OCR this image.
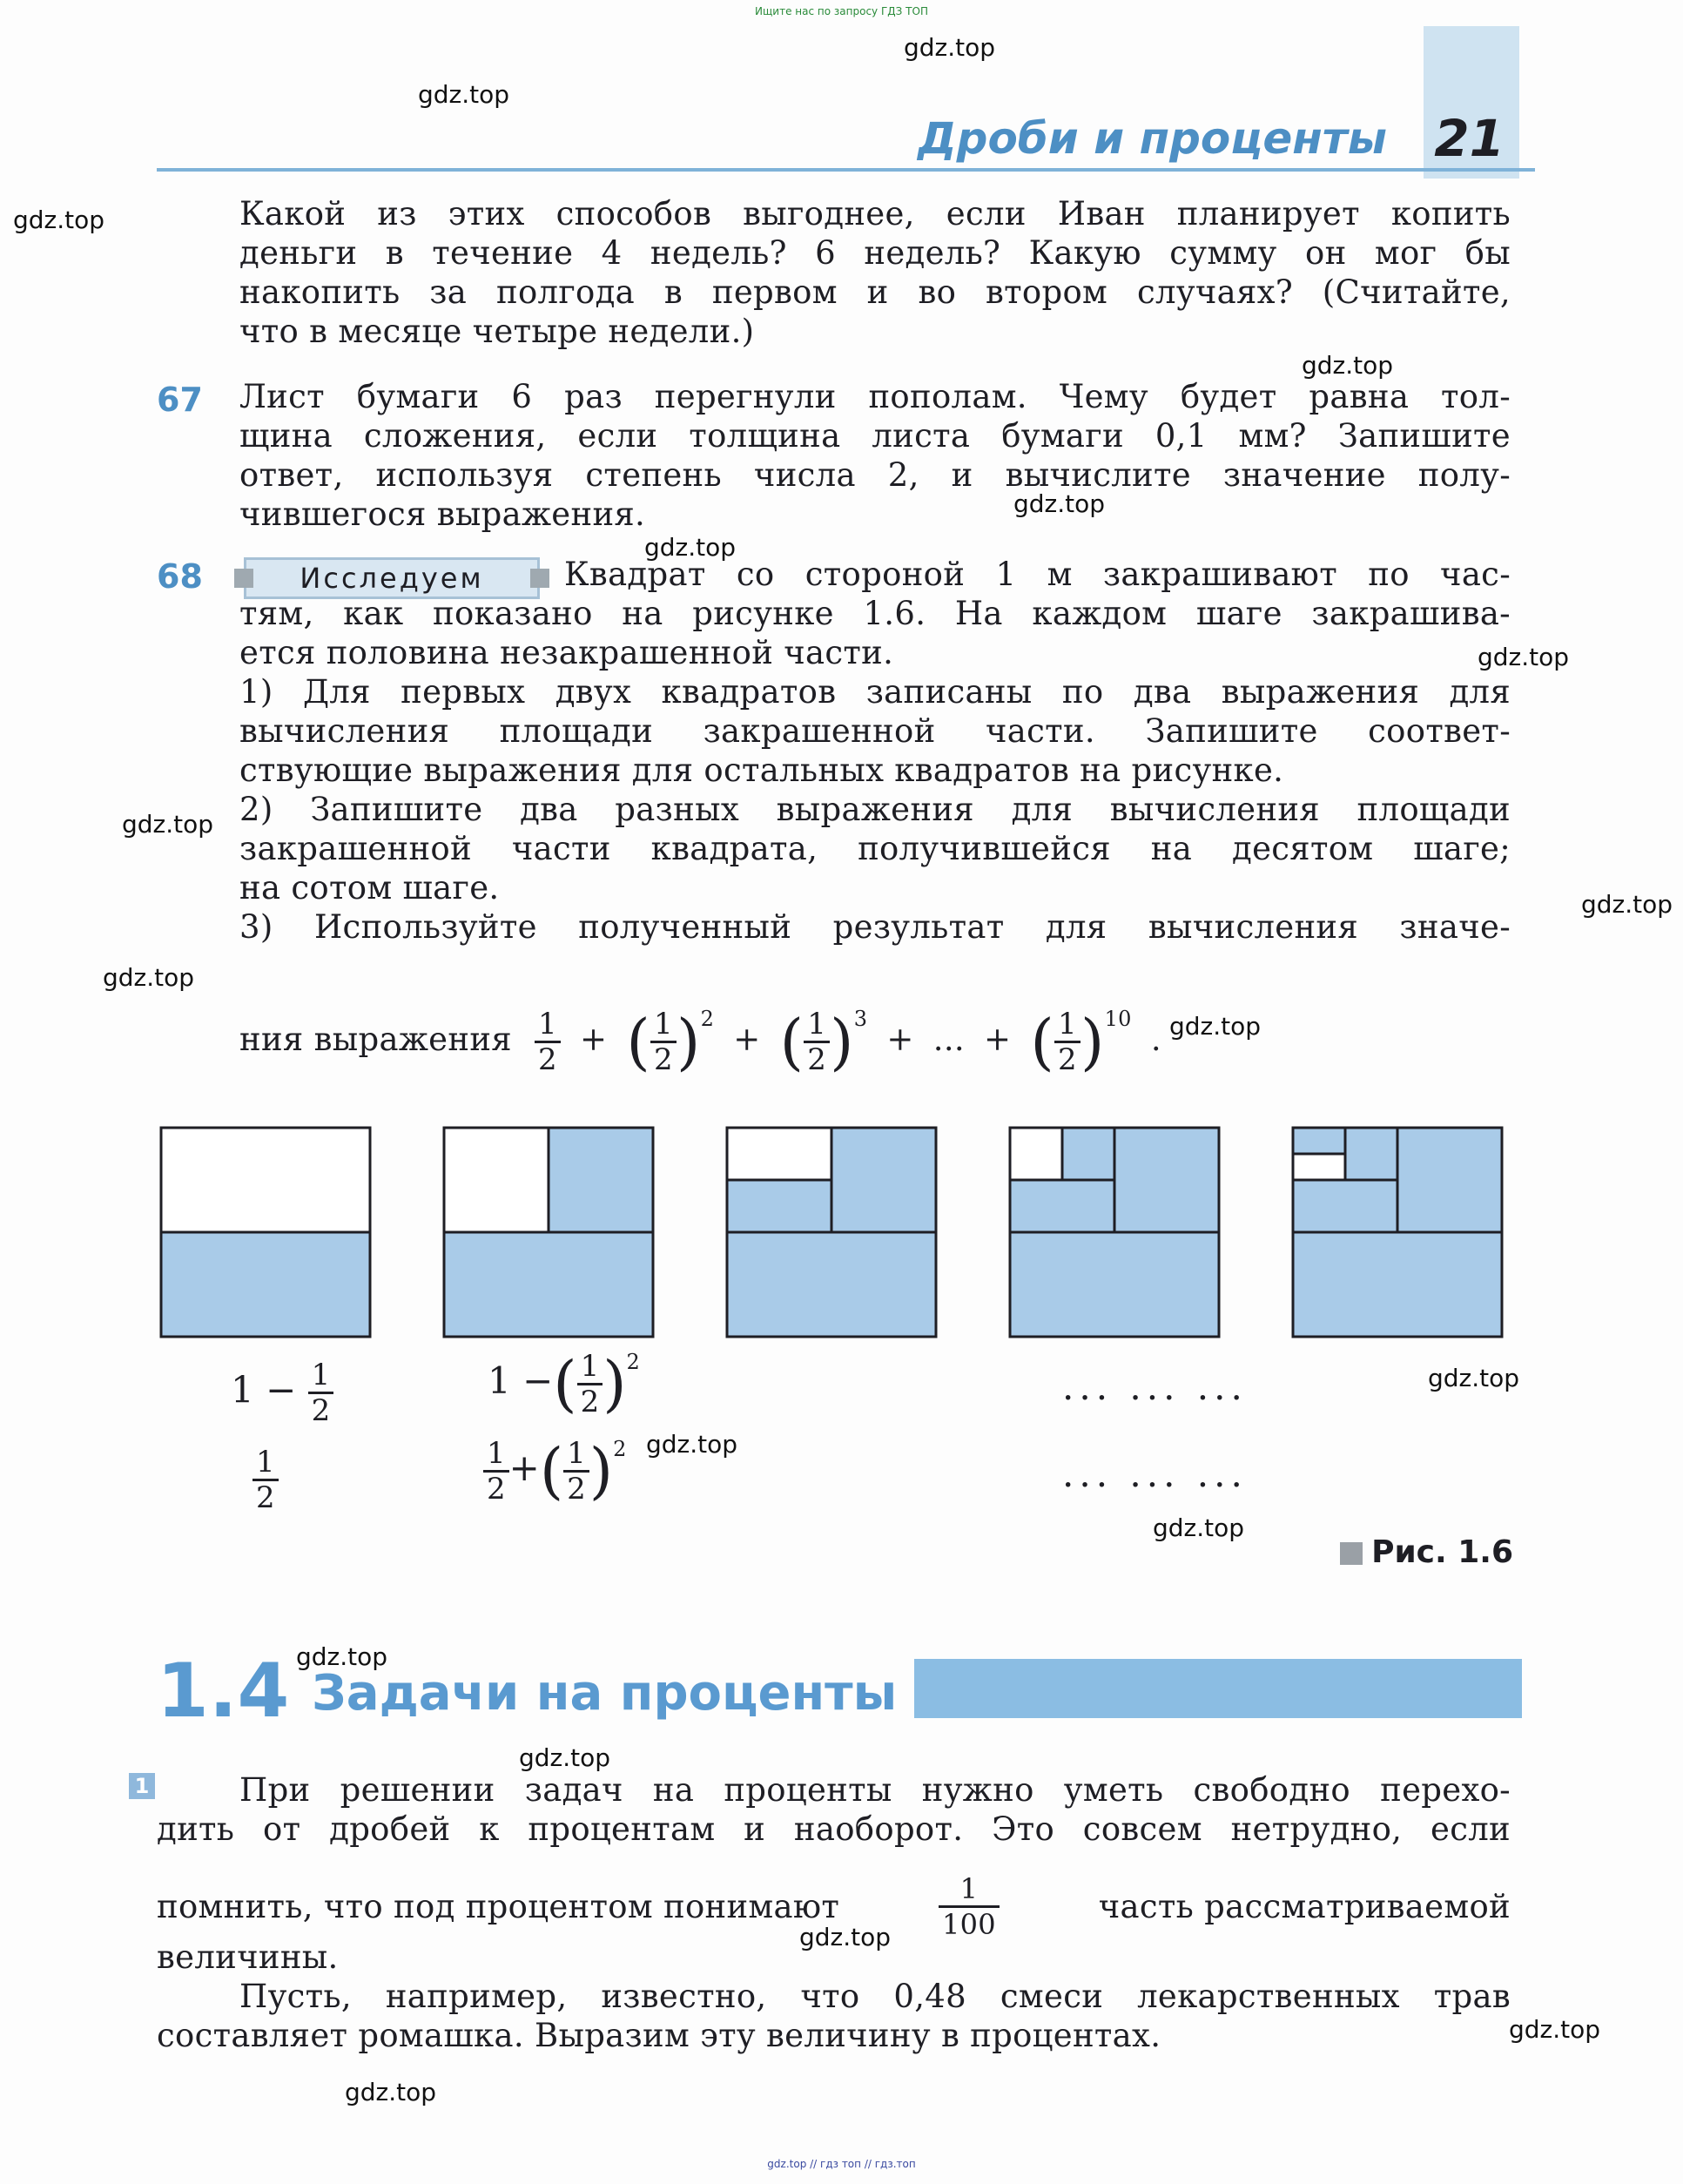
Ищите нас по запросу ГДЗ ТОП
Дроби и проценты 21
gdz.top
gdz.top
gdz.top
gdz.top
gdz.top
gdz.top
gdz.top
gdz.top
gdz.top
gdz.top
gdz.top
gdz.top
gdz.top
gdz.top
gdz.top
gdz.top
gdz.top
gdz.top
gdz.top
Какой из этих способов выгоднее, если Иван планирует копить
деньги в течение 4 недель? 6 недель? Какую сумму он мог бы
накопить за полгода в первом и во втором случаях? (Считайте,
что в месяце четыре недели.)
67 Лист бумаги 6 раз перегнули пополам. Чему будет равна тол-
щина сложения, если толщина листа бумаги 0,1 мм? Запишите
ответ, используя степень числа 2, и вычислите значение полу-
чившегося выражения.
68	Исследуем	Квадрат со стороной 1 м закрашивают по час-
тям, как показано на рисунке 1.6. На каждом шаге закрашива-
ется половина незакрашенной части.
1) Для первых двух квадратов записаны по два выражения для
вычисления площади закрашенной части. Запишите соответ-
ствующие выражения для остальных квадратов на рисунке.
2) Запишите два разных выражения для вычисления площади
закрашенной части квадрата, получившейся на десятом шаге;
на сотом шаге.
3) Используйте полученный результат для вычисления значе-
ния выражения $\frac{1}{2}$ + ( $\frac{1}{2} )^2$ + ( $\frac{1}{2} )^3$ + ... + ( $\frac{1}{2} )^{10}$ .
$1 - \frac{1}{2}$	1 −( $\frac{1}{2} )^2$
... ... ...
$\frac{1}{2}$	$\frac{1}{2}$ +( $\frac{1}{2} )^2$
... ... ...
Рис. 1.6
1.4 Задачи на проценты
1	При решении задач на проценты нужно уметь свободно перехо-
дить от дробей к процентам и наоборот. Это совсем нетрудно, если
помнить, что под процентом понимают	$\frac{1}{100}$	часть рассматриваемой
величины.
Пусть, например, известно, что 0,48 смеси лекарственных трав
составляет ромашка. Выразим эту величину в процентах.
gdz.top // гдз топ // гдз.топ
